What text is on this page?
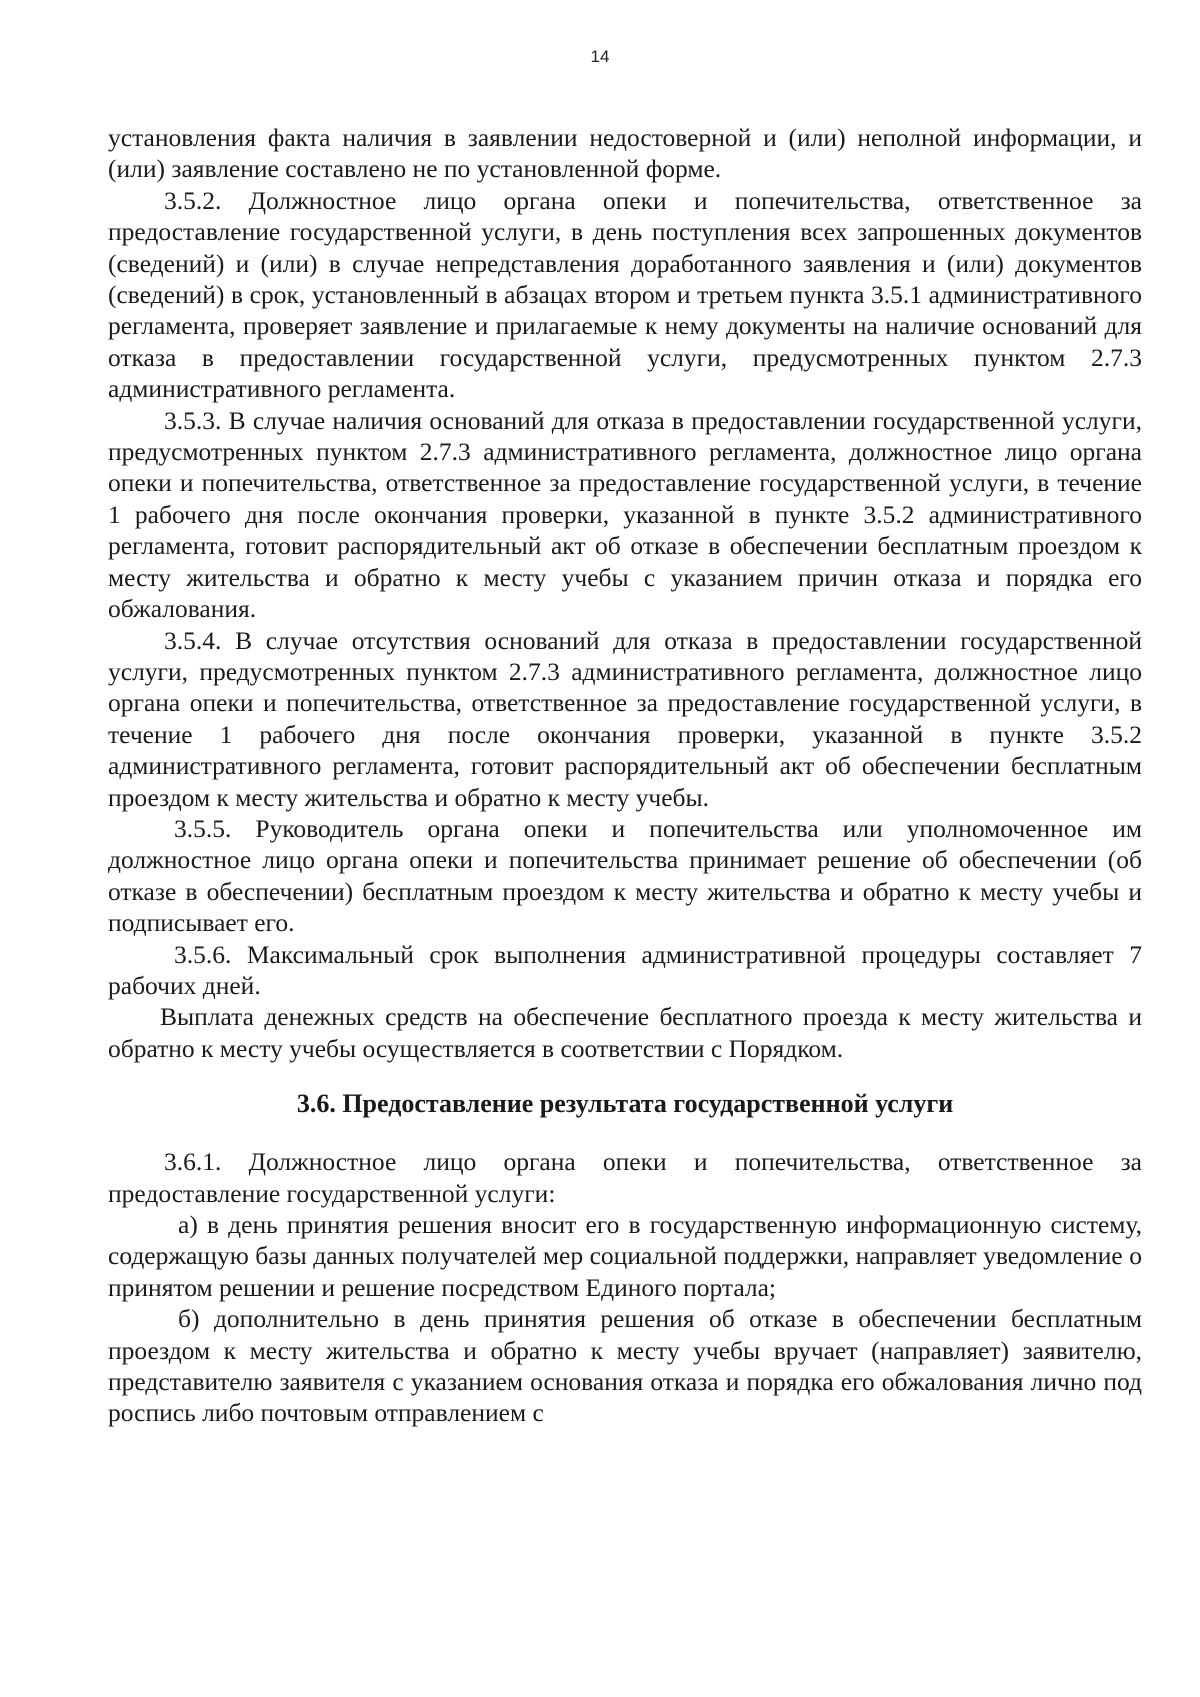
14

установления факта наличия в заявлении недостоверной и (или) неполной информации, и (или) заявление составлено не по установленной форме.

3.5.2. Должностное лицо органа опеки и попечительства, ответственное за предоставление государственной услуги, в день поступления всех запрошенных документов (сведений) и (или) в случае непредставления доработанного заявления и (или) документов (сведений) в срок, установленный в абзацах втором и третьем пункта 3.5.1 административного регламента, проверяет заявление и прилагаемые к нему документы на наличие оснований для отказа в предоставлении государственной услуги, предусмотренных пунктом 2.7.3 административного регламента.

3.5.3. В случае наличия оснований для отказа в предоставлении государственной услуги, предусмотренных пунктом 2.7.3 административного регламента, должностное лицо органа опеки и попечительства, ответственное за предоставление государственной услуги, в течение 1 рабочего дня после окончания проверки, указанной в пункте 3.5.2 административного регламента, готовит распорядительный акт об отказе в обеспечении бесплатным проездом к месту жительства и обратно к месту учебы с указанием причин отказа и порядка его обжалования.

3.5.4. В случае отсутствия оснований для отказа в предоставлении государственной услуги, предусмотренных пунктом 2.7.3 административного регламента, должностное лицо органа опеки и попечительства, ответственное за предоставление государственной услуги, в течение 1 рабочего дня после окончания проверки, указанной в пункте 3.5.2 административного регламента, готовит распорядительный акт об обеспечении бесплатным проездом к месту жительства и обратно к месту учебы.

3.5.5. Руководитель органа опеки и попечительства или уполномоченное им должностное лицо органа опеки и попечительства принимает решение об обеспечении (об отказе в обеспечении) бесплатным проездом к месту жительства и обратно к месту учебы и подписывает его.

3.5.6. Максимальный срок выполнения административной процедуры составляет 7 рабочих дней.

Выплата денежных средств на обеспечение бесплатного проезда к месту жительства и обратно к месту учебы осуществляется в соответствии с Порядком.

3.6. Предоставление результата государственной услуги

3.6.1. Должностное лицо органа опеки и попечительства, ответственное за предоставление государственной услуги:

а) в день принятия решения вносит его в государственную информационную систему, содержащую базы данных получателей мер социальной поддержки, направляет уведомление о принятом решении и решение посредством Единого портала;

б) дополнительно в день принятия решения об отказе в обеспечении бесплатным проездом к месту жительства и обратно к месту учебы вручает (направляет) заявителю, представителю заявителя с указанием основания отказа и порядка его обжалования лично под роспись либо почтовым отправлением с
